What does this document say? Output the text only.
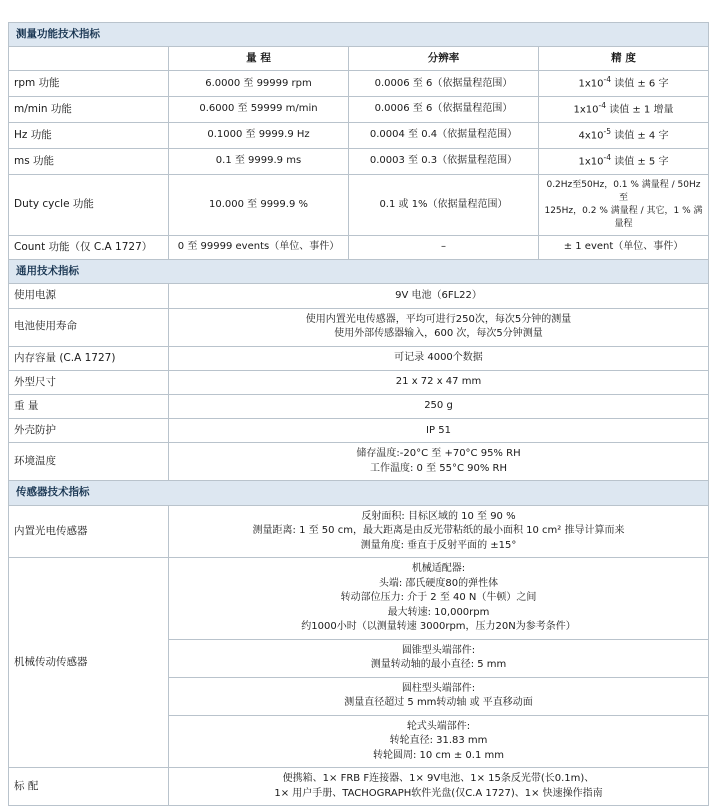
测量功能技术指标			
	量 程	分辨率	精 度
rpm 功能	6.0000 至 99999 rpm	0.0006 至 6（依据量程范围）	$1x10^{-4}$ 读值 ± 6 字
m/min 功能	0.6000 至 59999 m/min	0.0006 至 6（依据量程范围）	$1x10^{-4}$ 读值 ± 1 增量
Hz 功能	0.1000 至 9999.9 Hz	0.0004 至 0.4（依据量程范围）	$4x10^{-5}$ 读值 ± 4 字
ms 功能	0.1 至 9999.9 ms	0.0003 至 0.3（依据量程范围）	$1x10^{-4}$ 读值 ± 5 字
Duty cycle 功能	10.000 至 9999.9 %	0.1 或 1%（依据量程范围）	0.2Hz至50Hz，0.1 % 满量程 / 50Hz至
125Hz，0.2 % 满量程 / 其它，1 % 满量程

Count 功能（仅 C.A 1727）	0 至 99999 events（单位、事件）	–	± 1 event（单位、事件）
通用技术指标			
使用电源	9V 电池（6FL22）		
电池使用寿命	使用内置光电传感器，平均可进行250次，每次5分钟的测量
使用外部传感器输入，600 次，每次5分钟测量		

内存容量 (C.A 1727)	可记录 4000个数据		
外型尺寸	21 x 72 x 47 mm		
重 量	250 g		
外壳防护	IP 51		
环境温度	储存温度:-20°C 至 +70°C 95% RH
工作温度: 0 至 55°C 90% RH		

传感器技术指标			
内置光电传感器	反射面积: 目标区域的 10 至 90 %
测量距离: 1 至 50 cm，最大距离是由反光带粘纸的最小面积 10 cm² 推导计算而来
测量角度: 垂直于反射平面的 ±15°		

机械传动传感器	机械适配器:
头端: 邵氏硬度80的弹性体
转动部位压力: 介于 2 至 40 N（牛顿）之间
最大转速: 10,000rpm
约1000小时（以测量转速 3000rpm，压力20N为参考条件）		

	圆锥型头端部件:
测量转动轴的最小直径: 5 mm		

	圆柱型头端部件:
测量直径超过 5 mm转动轴 或 平直移动面		

	轮式头端部件:
转轮直径: 31.83 mm
转轮圆周: 10 cm ± 0.1 mm		

标 配	便携箱、1× FRB F连接器、1× 9V电池、1× 15条反光带(长0.1m)、
1× 用户手册、TACHOGRAPH软件光盘(仅C.A 1727)、1× 快速操作指南		
